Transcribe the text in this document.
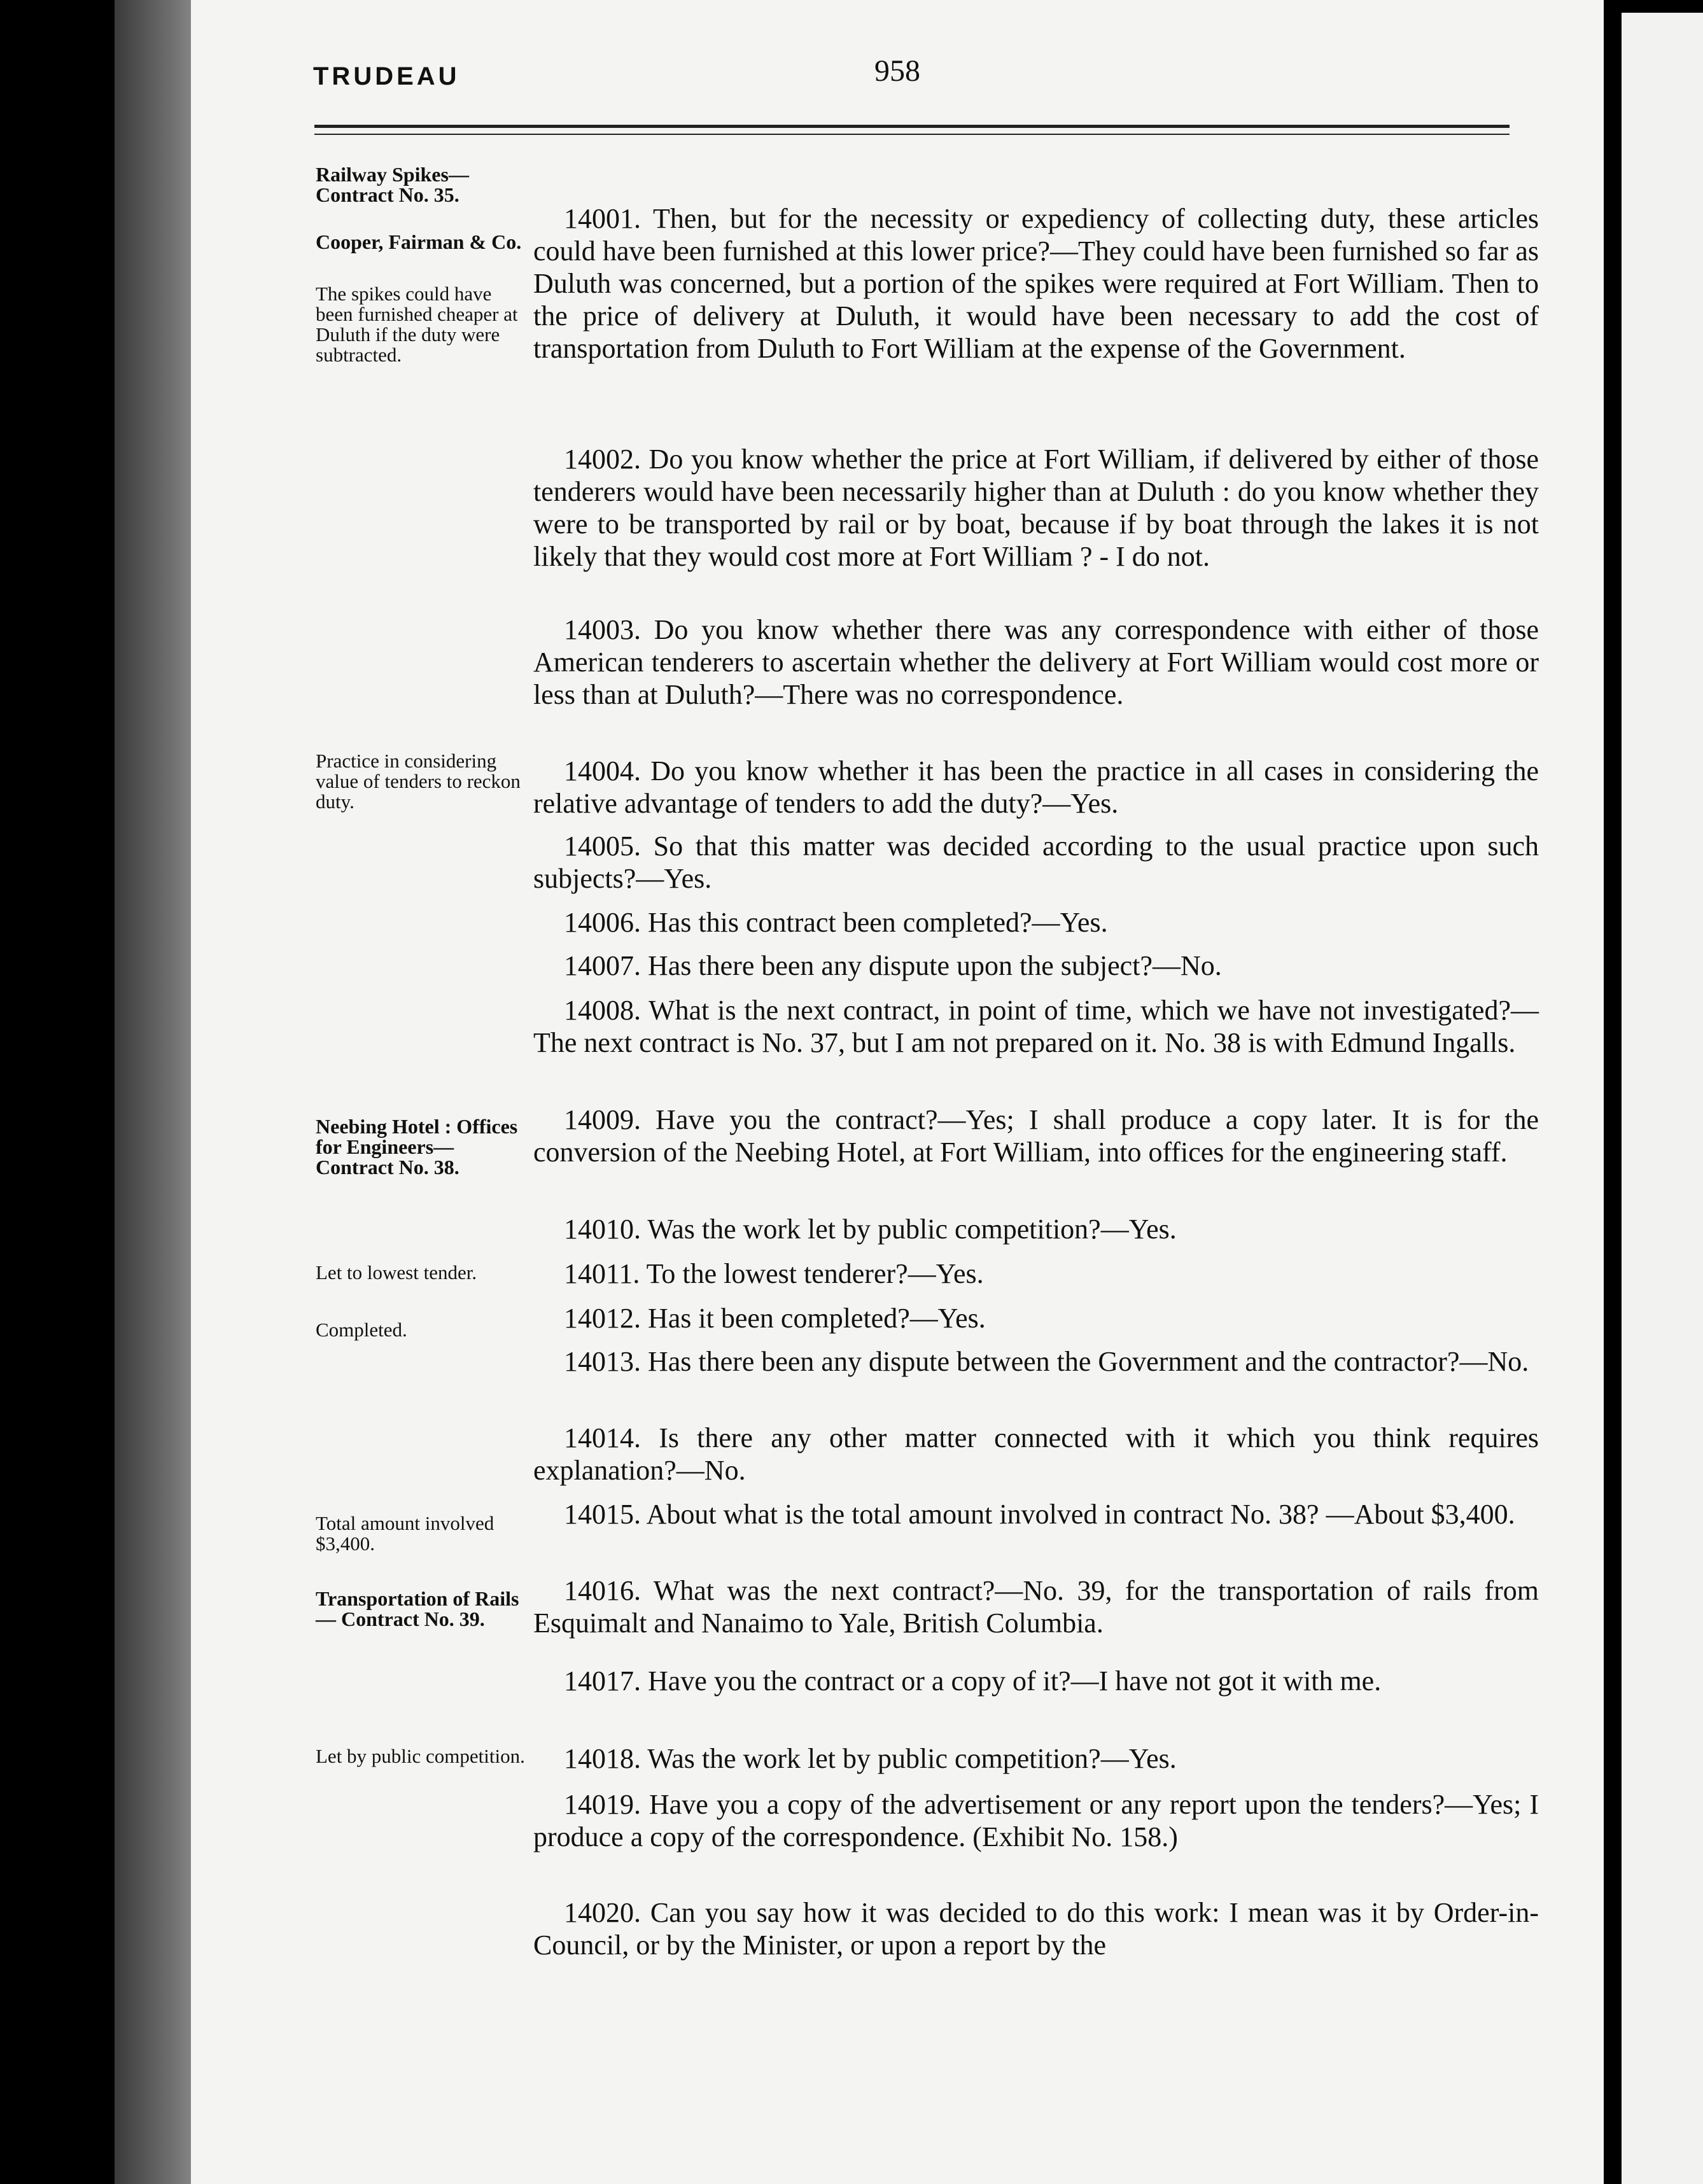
TRUDEAU	958
Railway Spikes— Contract No. 35.
Cooper, Fairman & Co.
The spikes could have been furnished cheaper at Duluth if the duty were subtracted.
Practice in considering value of tenders to reckon duty.
Neebing Hotel : Offices for Engineers— Contract No. 38.
Let to lowest tender.
Completed.
Total amount involved $3,400.
Transportation of Rails— Contract No. 39.
Let by public competition.
14001. Then, but for the necessity or expediency of collecting duty, these articles could have been furnished at this lower price?—They could have been furnished so far as Duluth was concerned, but a portion of the spikes were required at Fort William. Then to the price of delivery at Duluth, it would have been necessary to add the cost of transportation from Duluth to Fort William at the expense of the Government.
14002. Do you know whether the price at Fort William, if delivered by either of those tenderers would have been necessarily higher than at Duluth : do you know whether they were to be transported by rail or by boat, because if by boat through the lakes it is not likely that they would cost more at Fort William ? - I do not.
14003. Do you know whether there was any correspondence with either of those American tenderers to ascertain whether the delivery at Fort William would cost more or less than at Duluth?—There was no correspondence.
14004. Do you know whether it has been the practice in all cases in considering the relative advantage of tenders to add the duty?—Yes.
14005. So that this matter was decided according to the usual practice upon such subjects?—Yes.
14006. Has this contract been completed?—Yes.
14007. Has there been any dispute upon the subject?—No.
14008. What is the next contract, in point of time, which we have not investigated?—The next contract is No. 37, but I am not prepared on it. No. 38 is with Edmund Ingalls.
14009. Have you the contract?—Yes; I shall produce a copy later. It is for the conversion of the Neebing Hotel, at Fort William, into offices for the engineering staff.
14010. Was the work let by public competition?—Yes.
14011. To the lowest tenderer?—Yes.
14012. Has it been completed?—Yes.
14013. Has there been any dispute between the Government and the contractor?—No.
14014. Is there any other matter connected with it which you think requires explanation?—No.
14015. About what is the total amount involved in contract No. 38? —About $3,400.
14016. What was the next contract?—No. 39, for the transportation of rails from Esquimalt and Nanaimo to Yale, British Columbia.
14017. Have you the contract or a copy of it?—I have not got it with me.
14018. Was the work let by public competition?—Yes.
14019. Have you a copy of the advertisement or any report upon the tenders?—Yes; I produce a copy of the correspondence. (Exhibit No. 158.)
14020. Can you say how it was decided to do this work: I mean was it by Order-in-Council, or by the Minister, or upon a report by the
